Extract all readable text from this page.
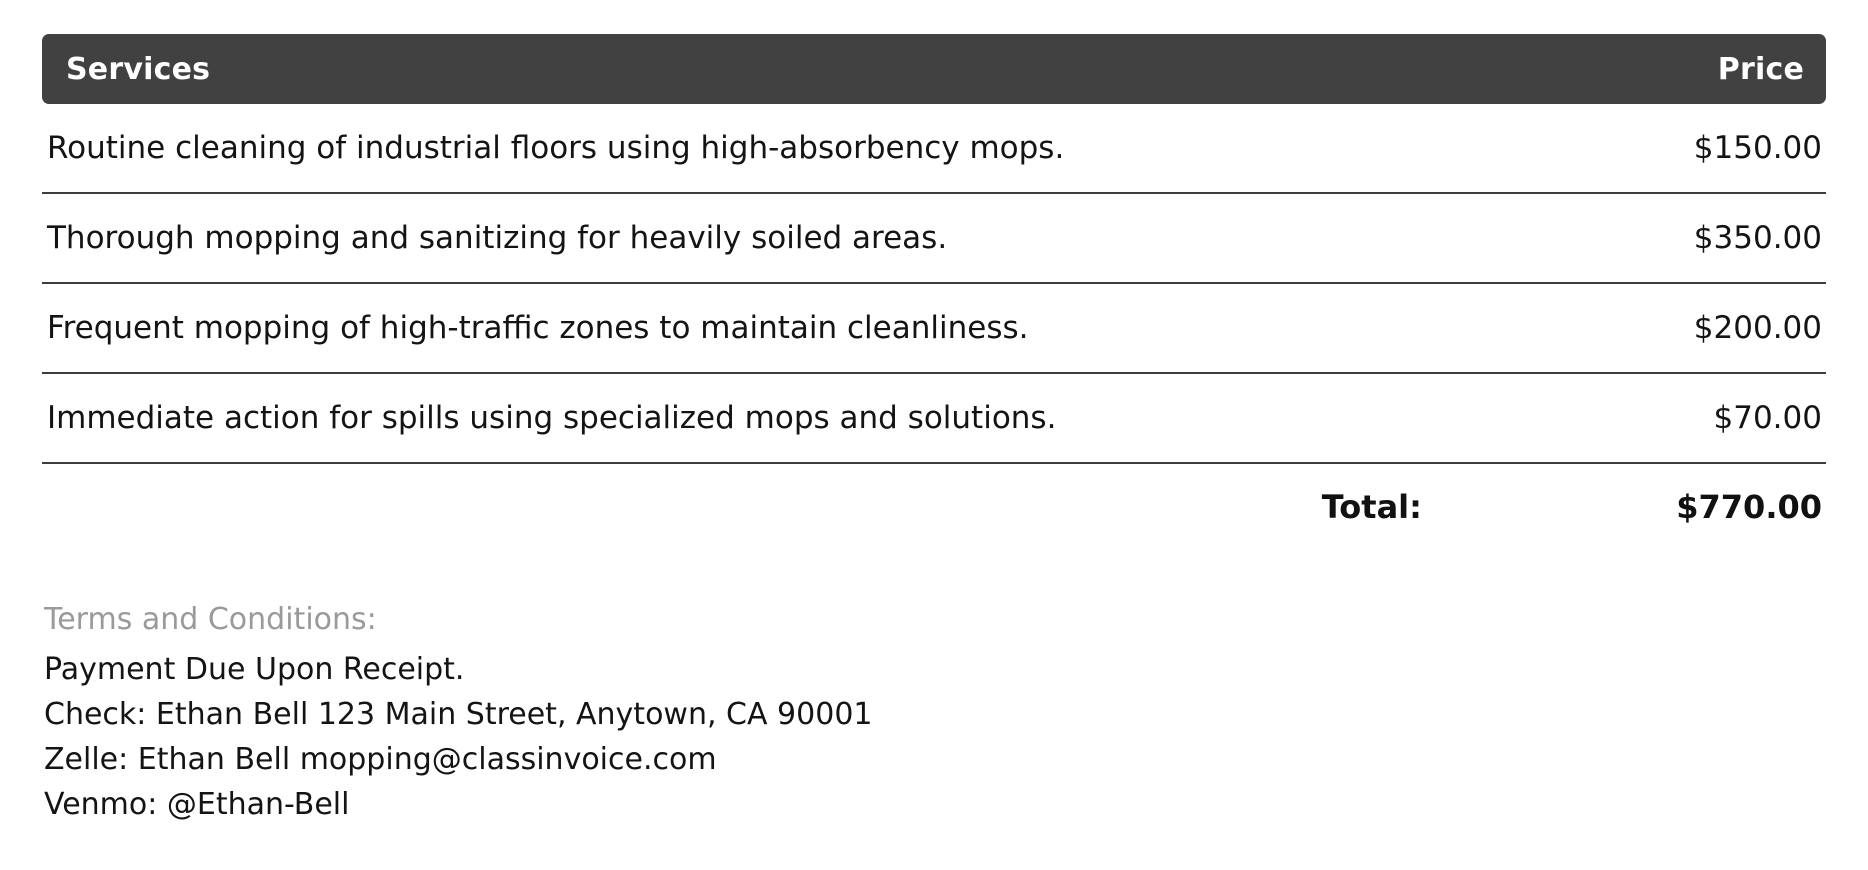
Services	Price
Routine cleaning of industrial floors using high-absorbency mops.	$150.00
Thorough mopping and sanitizing for heavily soiled areas.	$350.00
Frequent mopping of high-traffic zones to maintain cleanliness.	$200.00
Immediate action for spills using specialized mops and solutions.	$70.00
Total:	$770.00
Terms and Conditions:
Payment Due Upon Receipt.
Check: Ethan Bell 123 Main Street, Anytown, CA 90001
Zelle: Ethan Bell mopping@classinvoice.com
Venmo: @Ethan-Bell
